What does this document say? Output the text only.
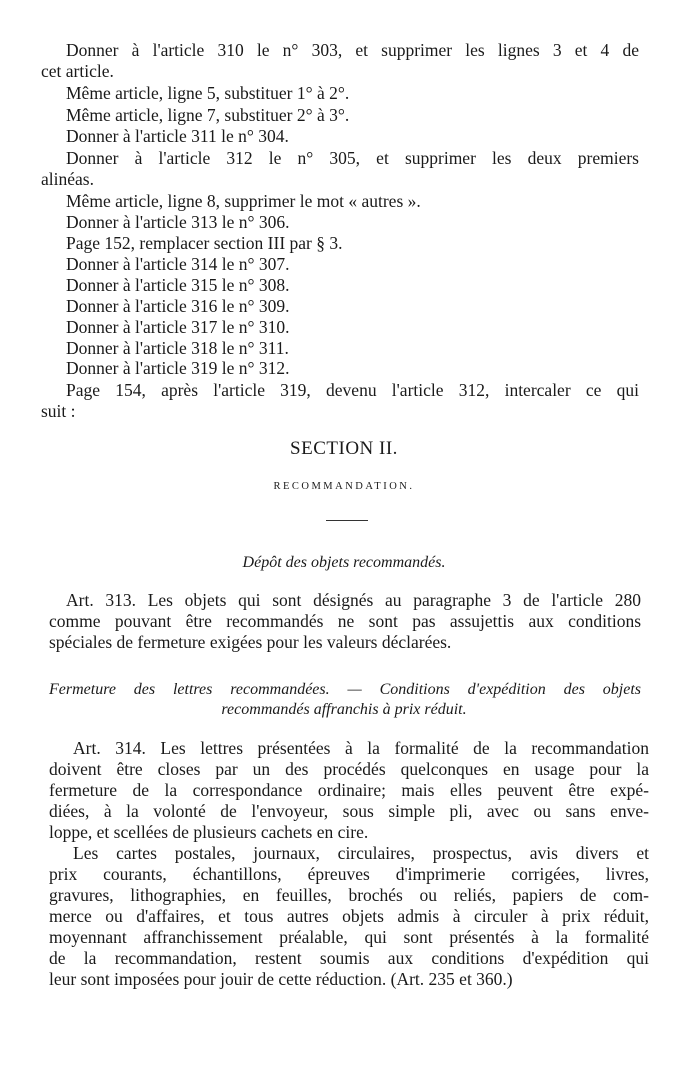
Donner à l'article 310 le n° 303, et supprimer les lignes 3 et 4 de
cet article.
Même article, ligne 5, substituer 1° à 2°.
Même article, ligne 7, substituer 2° à 3°.
Donner à l'article 311 le n° 304.
Donner à l'article 312 le n° 305, et supprimer les deux premiers
alinéas.
Même article, ligne 8, supprimer le mot « autres ».
Donner à l'article 313 le n° 306.
Page 152, remplacer section III par § 3.
Donner à l'article 314 le n° 307.
Donner à l'article 315 le n° 308.
Donner à l'article 316 le n° 309.
Donner à l'article 317 le n° 310.
Donner à l'article 318 le n° 311.
Donner à l'article 319 le n° 312.
Page 154, après l'article 319, devenu l'article 312, intercaler ce qui
suit :
SECTION II.
RECOMMANDATION.
Dépôt des objets recommandés.
Art. 313. Les objets qui sont désignés au paragraphe 3 de l'article 280
comme pouvant être recommandés ne sont pas assujettis aux conditions
spéciales de fermeture exigées pour les valeurs déclarées.
Fermeture des lettres recommandées. — Conditions d'expédition des objets
recommandés affranchis à prix réduit.
Art. 314. Les lettres présentées à la formalité de la recommandation
doivent être closes par un des procédés quelconques en usage pour la
fermeture de la correspondance ordinaire; mais elles peuvent être expé-
diées, à la volonté de l'envoyeur, sous simple pli, avec ou sans enve-
loppe, et scellées de plusieurs cachets en cire.
Les cartes postales, journaux, circulaires, prospectus, avis divers et
prix courants, échantillons, épreuves d'imprimerie corrigées, livres,
gravures, lithographies, en feuilles, brochés ou reliés, papiers de com-
merce ou d'affaires, et tous autres objets admis à circuler à prix réduit,
moyennant affranchissement préalable, qui sont présentés à la formalité
de la recommandation, restent soumis aux conditions d'expédition qui
leur sont imposées pour jouir de cette réduction. (Art. 235 et 360.)
